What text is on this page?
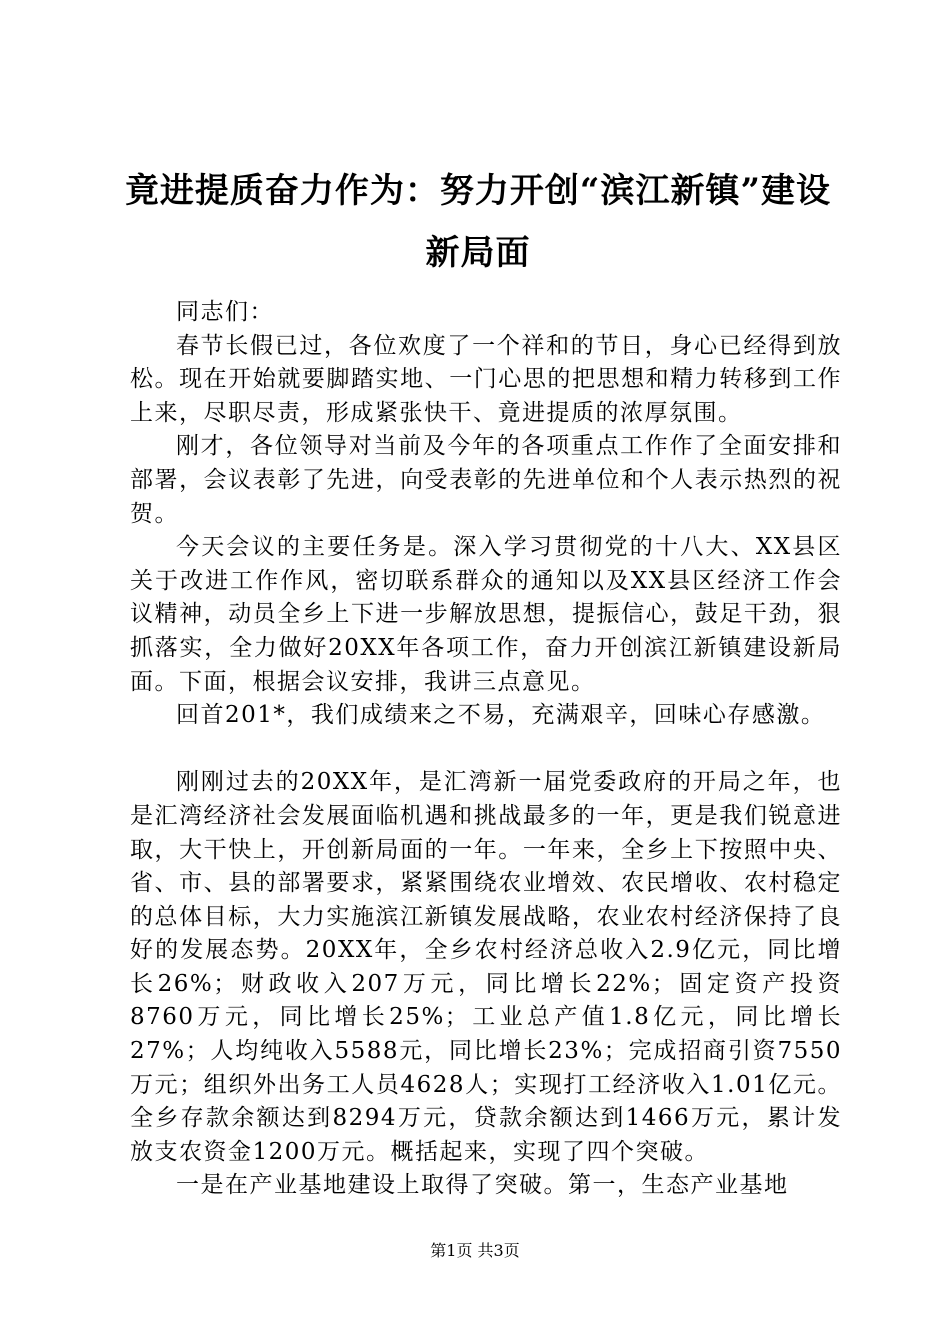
竟进提质奋力作为：努力开创“滨江新镇”建设新局面

同志们：

春节长假已过，各位欢度了一个祥和的节日，身心已经得到放松。现在开始就要脚踏实地、一门心思的把思想和精力转移到工作上来，尽职尽责，形成紧张快干、竟进提质的浓厚氛围。

刚才，各位领导对当前及今年的各项重点工作作了全面安排和部署，会议表彰了先进，向受表彰的先进单位和个人表示热烈的祝贺。

今天会议的主要任务是。深入学习贯彻党的十八大、XX县区关于改进工作作风，密切联系群众的通知以及XX县区经济工作会议精神，动员全乡上下进一步解放思想，提振信心，鼓足干劲，狠抓落实，全力做好20XX年各项工作，奋力开创滨江新镇建设新局面。下面，根据会议安排，我讲三点意见。

回首201*，我们成绩来之不易，充满艰辛，回味心存感激。

刚刚过去的20XX年，是汇湾新一届党委政府的开局之年，也是汇湾经济社会发展面临机遇和挑战最多的一年，更是我们锐意进取，大干快上，开创新局面的一年。一年来，全乡上下按照中央、省、市、县的部署要求，紧紧围绕农业增效、农民增收、农村稳定的总体目标，大力实施滨江新镇发展战略，农业农村经济保持了良好的发展态势。20XX年，全乡农村经济总收入2.9亿元，同比增长26%；财政收入207万元，同比增长22%；固定资产投资8760万元，同比增长25%；工业总产值1.8亿元，同比增长27%；人均纯收入5588元，同比增长23%；完成招商引资7550万元；组织外出务工人员4628人；实现打工经济收入1.01亿元。全乡存款余额达到8294万元，贷款余额达到1466万元，累计发放支农资金1200万元。概括起来，实现了四个突破。

一是在产业基地建设上取得了突破。第一，生态产业基地

第1页 共3页
